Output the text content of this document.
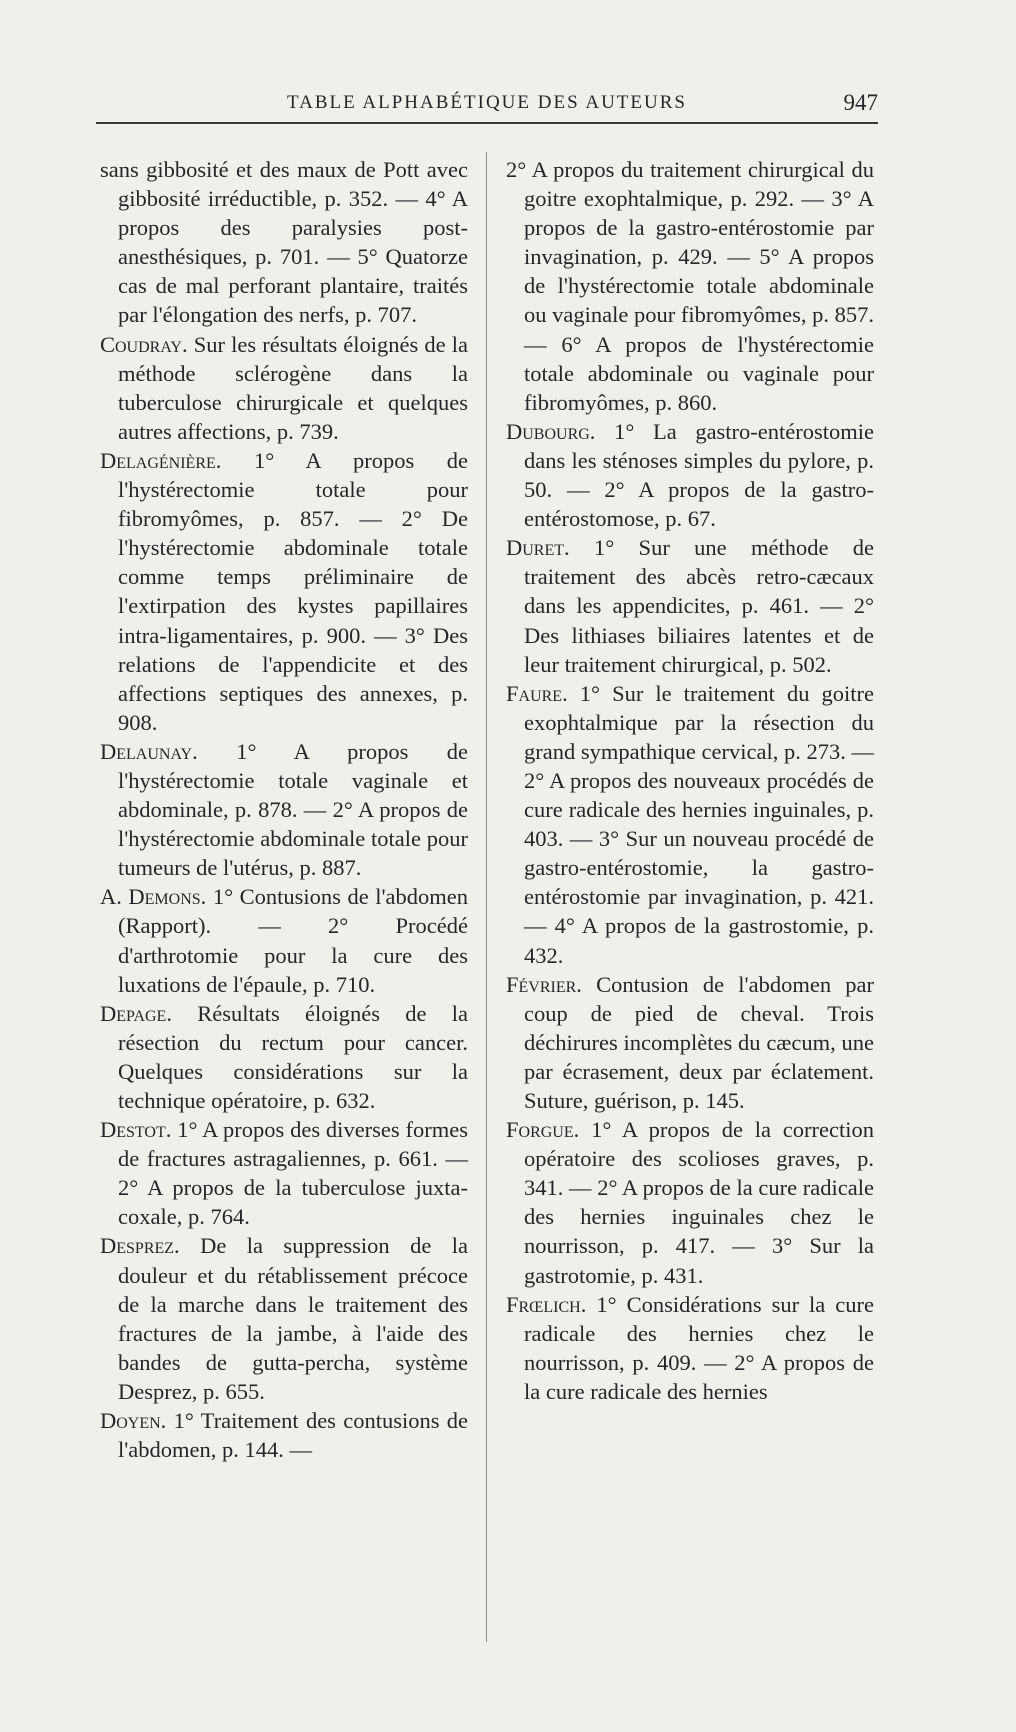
TABLE ALPHABÉTIQUE DES AUTEURS	947

sans gibbosité et des maux de Pott avec gibbosité irréductible, p. 352. — 4° A propos des paralysies post-anesthésiques, p. 701. — 5° Quatorze cas de mal perforant plantaire, traités par l'élongation des nerfs, p. 707.

Coudray. Sur les résultats éloignés de la méthode sclérogène dans la tuberculose chirurgicale et quelques autres affections, p. 739.

Delagénière. 1° A propos de l'hystérectomie totale pour fibromyômes, p. 857. — 2° De l'hystérectomie abdominale totale comme temps préliminaire de l'extirpation des kystes papillaires intra-ligamentaires, p. 900. — 3° Des relations de l'appendicite et des affections septiques des annexes, p. 908.

Delaunay. 1° A propos de l'hystérectomie totale vaginale et abdominale, p. 878. — 2° A propos de l'hystérectomie abdominale totale pour tumeurs de l'utérus, p. 887.

A. Demons. 1° Contusions de l'abdomen (Rapport). — 2° Procédé d'arthrotomie pour la cure des luxations de l'épaule, p. 710.

Depage. Résultats éloignés de la résection du rectum pour cancer. Quelques considérations sur la technique opératoire, p. 632.

Destot. 1° A propos des diverses formes de fractures astragaliennes, p. 661. — 2° A propos de la tuberculose juxta-coxale, p. 764.

Desprez. De la suppression de la douleur et du rétablissement précoce de la marche dans le traitement des fractures de la jambe, à l'aide des bandes de gutta-percha, système Desprez, p. 655.

Doyen. 1° Traitement des contusions de l'abdomen, p. 144. —

2° A propos du traitement chirurgical du goitre exophtalmique, p. 292. — 3° A propos de la gastro-entérostomie par invagination, p. 429. — 5° A propos de l'hystérectomie totale abdominale ou vaginale pour fibromyômes, p. 857. — 6° A propos de l'hystérectomie totale abdominale ou vaginale pour fibromyômes, p. 860.

Dubourg. 1° La gastro-entérostomie dans les sténoses simples du pylore, p. 50. — 2° A propos de la gastro-entérostomose, p. 67.

Duret. 1° Sur une méthode de traitement des abcès retro-cæcaux dans les appendicites, p. 461. — 2° Des lithiases biliaires latentes et de leur traitement chirurgical, p. 502.

Faure. 1° Sur le traitement du goitre exophtalmique par la résection du grand sympathique cervical, p. 273. — 2° A propos des nouveaux procédés de cure radicale des hernies inguinales, p. 403. — 3° Sur un nouveau procédé de gastro-entérostomie, la gastro-entérostomie par invagination, p. 421. — 4° A propos de la gastrostomie, p. 432.

Février. Contusion de l'abdomen par coup de pied de cheval. Trois déchirures incomplètes du cæcum, une par écrasement, deux par éclatement. Suture, guérison, p. 145.

Forgue. 1° A propos de la correction opératoire des scolioses graves, p. 341. — 2° A propos de la cure radicale des hernies inguinales chez le nourrisson, p. 417. — 3° Sur la gastrotomie, p. 431.

Frœlich. 1° Considérations sur la cure radicale des hernies chez le nourrisson, p. 409. — 2° A propos de la cure radicale des hernies
